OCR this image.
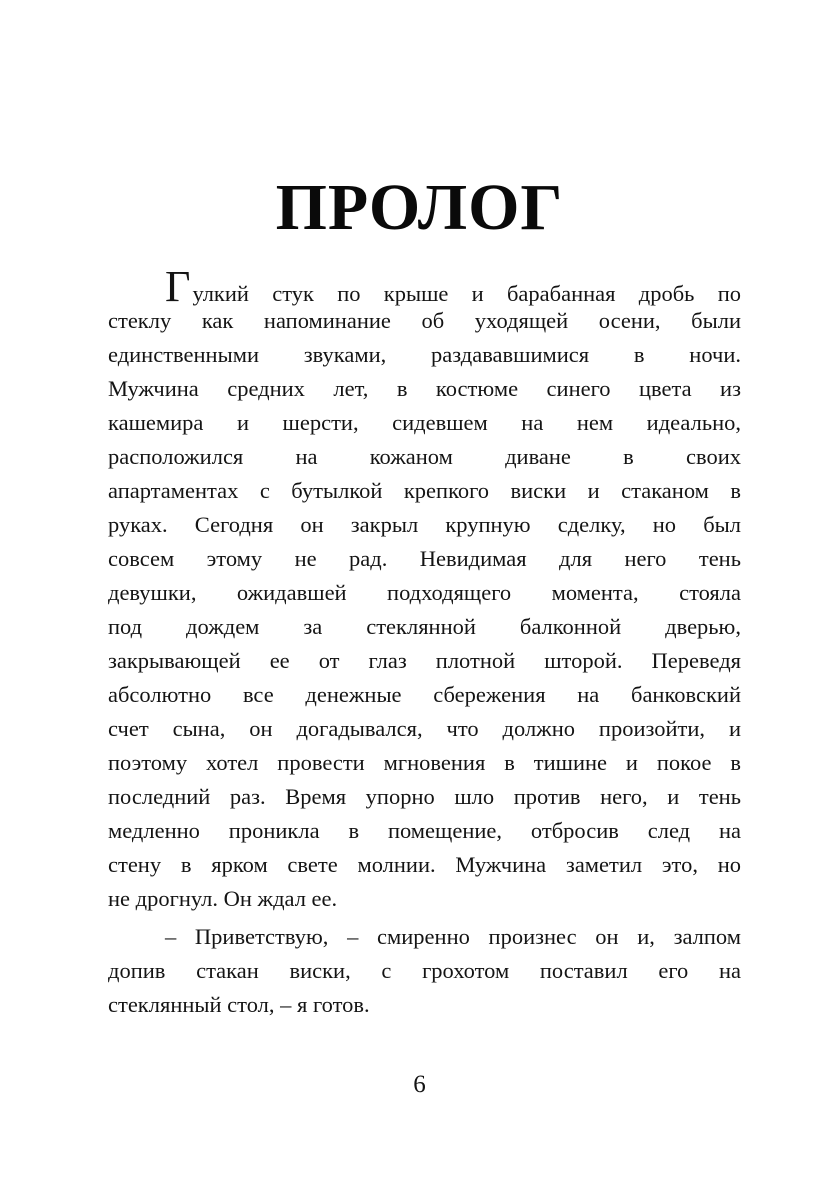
ПРОЛОГ
Гулкий стук по крыше и барабанная дробь по
стеклу как напоминание об уходящей осени, были
единственными звуками, раздававшимися в ночи.
Мужчина средних лет, в костюме синего цвета из
кашемира и шерсти, сидевшем на нем идеально,
расположился на кожаном диване в своих
апартаментах с бутылкой крепкого виски и стаканом в
руках. Сегодня он закрыл крупную сделку, но был
совсем этому не рад. Невидимая для него тень
девушки, ожидавшей подходящего момента, стояла
под дождем за стеклянной балконной дверью,
закрывающей ее от глаз плотной шторой. Переведя
абсолютно все денежные сбережения на банковский
счет сына, он догадывался, что должно произойти, и
поэтому хотел провести мгновения в тишине и покое в
последний раз. Время упорно шло против него, и тень
медленно проникла в помещение, отбросив след на
стену в ярком свете молнии. Мужчина заметил это, но
не дрогнул. Он ждал ее.
– Приветствую, – смиренно произнес он и, залпом
допив стакан виски, с грохотом поставил его на
стеклянный стол, – я готов.
6
